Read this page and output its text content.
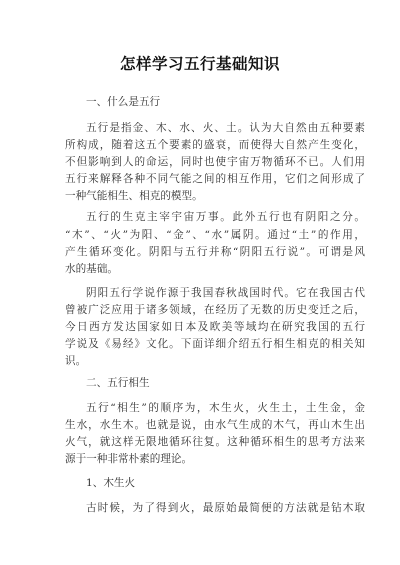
怎样学习五行基础知识
一、什么是五行
五行是指金、木、水、火、土。认为大自然由五种要素
所构成，随着这五个要素的盛衰，而使得大自然产生变化，
不但影响到人的命运，同时也使宇宙万物循环不已。人们用
五行来解释各种不同气能之间的相互作用，它们之间形成了
一种气能相生、相克的模型。
五行的生克主宰宇宙万事。此外五行也有阴阳之分。
“木”、“火”为阳、“金”、“水”属阴。通过“土”的作用，
产生循环变化。阴阳与五行并称“阴阳五行说”。可谓是风
水的基础。
阴阳五行学说作源于我国春秋战国时代。它在我国古代
曾被广泛应用于诸多领域，在经历了无数的历史变迁之后，
今日西方发达国家如日本及欧美等域均在研究我国的五行
学说及《易经》文化。下面详细介绍五行相生相克的相关知
识。
二、五行相生
五行“相生”的顺序为，木生火，火生土，土生金，金
生水，水生木。也就是说，由水气生成的木气，再山木生出
火气，就这样无限地循环往复。这种循环相生的思考方法来
源于一种非常朴素的理论。
1、木生火
古时候，为了得到火，最原始最简便的方法就是钻木取
